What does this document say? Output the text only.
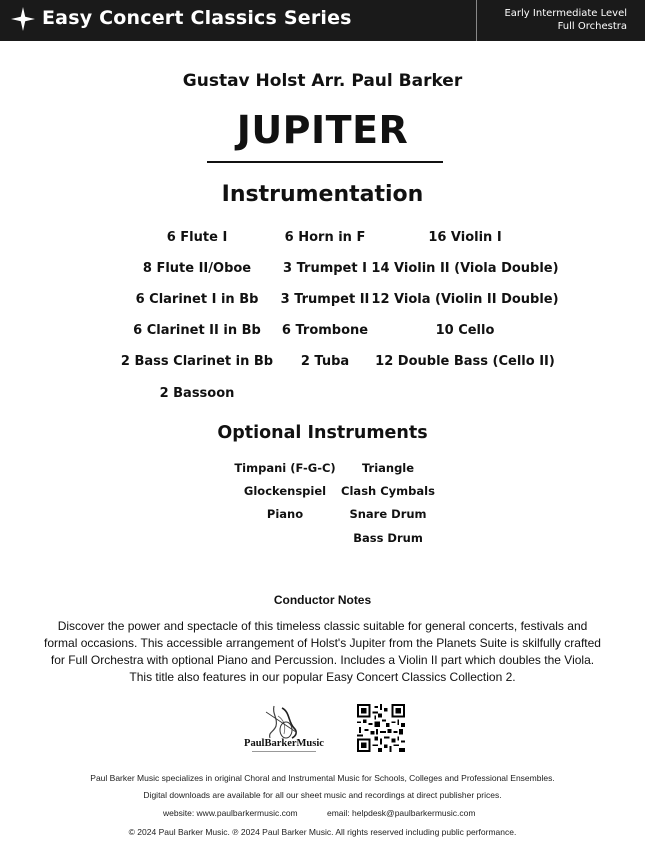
Easy Concert Classics Series	Early Intermediate Level
Full Orchestra
Gustav Holst Arr. Paul Barker
JUPITER
Instrumentation
6 Flute I
8 Flute II/Oboe
6 Clarinet I in Bb
6 Clarinet II in Bb
2 Bass Clarinet in Bb
2 Bassoon
6 Horn in F
3 Trumpet I
3 Trumpet II
6 Trombone
2 Tuba
16 Violin I
14 Violin II (Viola Double)
12 Viola (Violin II Double)
10 Cello
12 Double Bass (Cello II)
Optional Instruments
Timpani (F-G-C)
Glockenspiel
Piano
Triangle
Clash Cymbals
Snare Drum
Bass Drum
Conductor Notes
Discover the power and spectacle of this timeless classic suitable for general concerts, festivals and formal occasions. This accessible arrangement of Holst's Jupiter from the Planets Suite is skilfully crafted for Full Orchestra with optional Piano and Percussion. Includes a Violin II part which doubles the Viola. This title also features in our popular Easy Concert Classics Collection 2.
PaulBarkerMusic
Paul Barker Music specializes in original Choral and Instrumental Music for Schools, Colleges and Professional Ensembles.
Digital downloads are available for all our sheet music and recordings at direct publisher prices.
website: www.paulbarkermusic.com	email: helpdesk@paulbarkermusic.com
© 2024 Paul Barker Music. ℗ 2024 Paul Barker Music. All rights reserved including public performance.
